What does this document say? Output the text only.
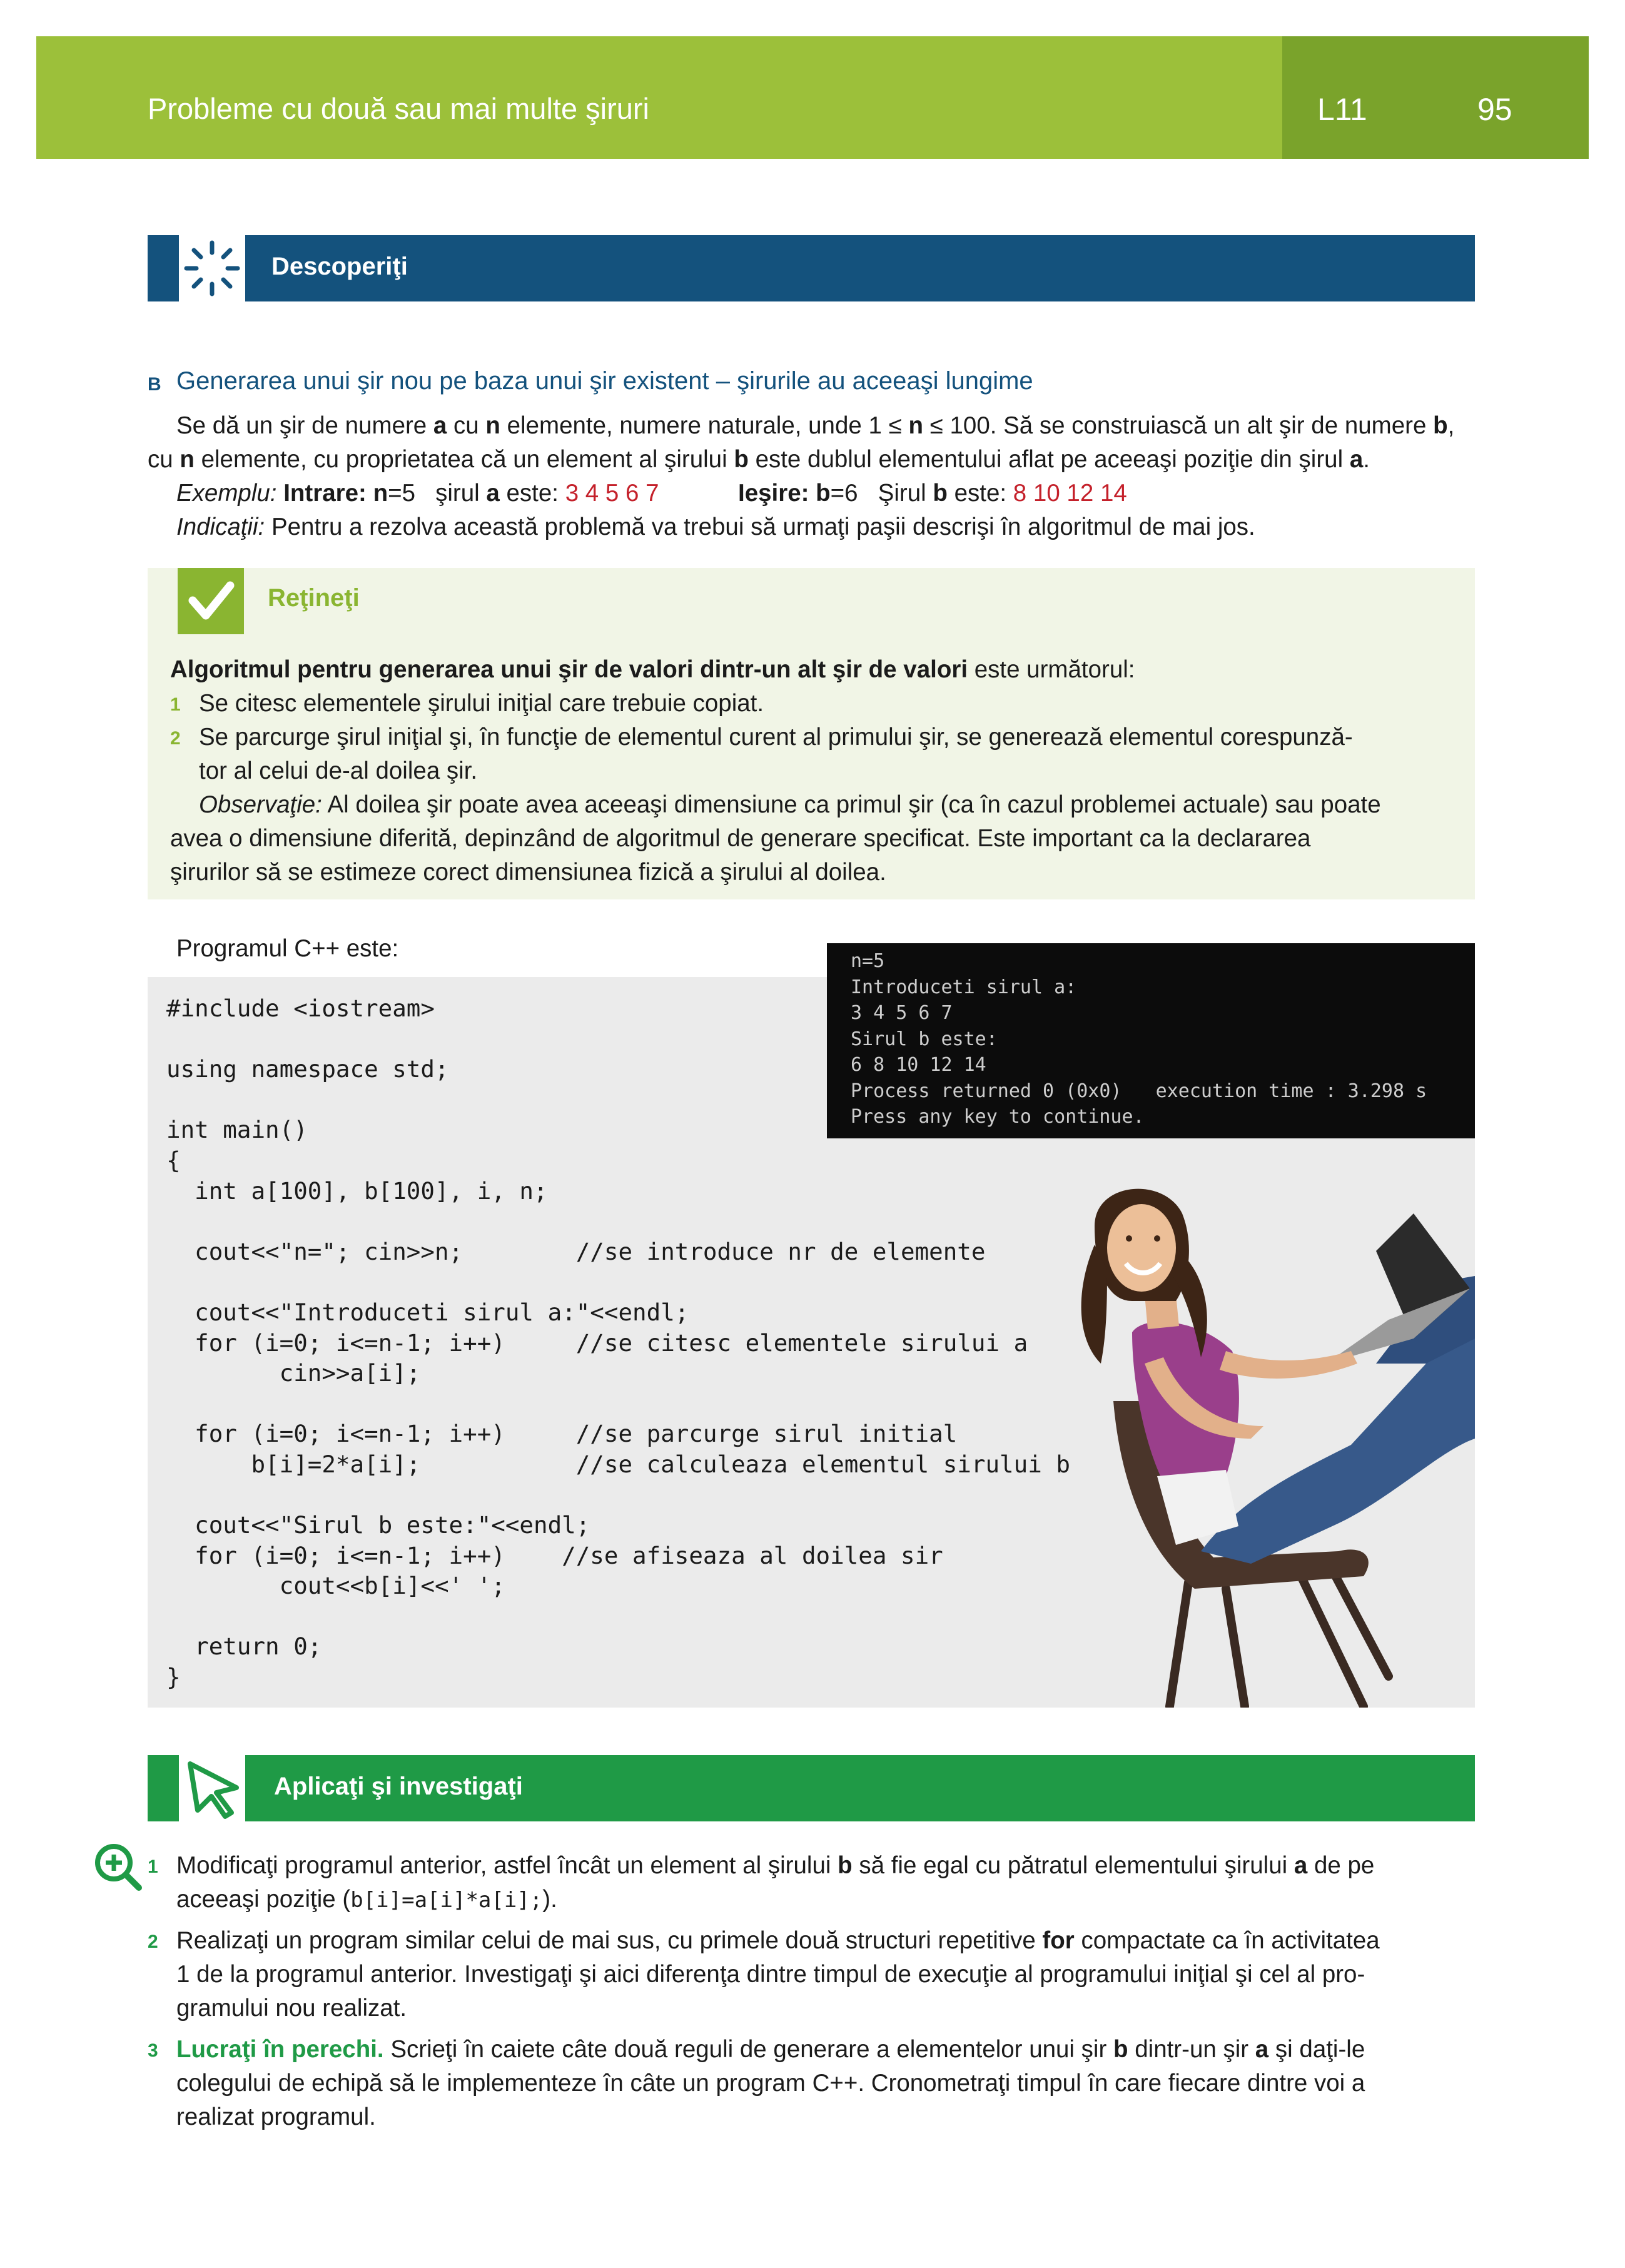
Probleme cu două sau mai multe şiruri	L11	95
Descoperiţi
B Generarea unui şir nou pe baza unui şir existent – şirurile au aceeaşi lungime
Se dă un şir de numere a cu n elemente, numere naturale, unde 1 ≤ n ≤ 100. Să se construiască un alt şir de numere b,
cu n elemente, cu proprietatea că un element al şirului b este dublul elementului aflat pe aceeaşi poziţie din şirul a.
Exemplu: Intrare: n=5 şirul a este: 3 4 5 6 7	Ieşire: b=6 Şirul b este: 8 10 12 14
Indicaţii: Pentru a rezolva această problemă va trebui să urmaţi paşii descrişi în algoritmul de mai jos.
Reţineţi
Algoritmul pentru generarea unui şir de valori dintr-un alt şir de valori este următorul:
1 Se citesc elementele şirului iniţial care trebuie copiat.
2 Se parcurge şirul iniţial şi, în funcţie de elementul curent al primului şir, se generează elementul corespunză-
tor al celui de-al doilea şir.
Observaţie: Al doilea şir poate avea aceeaşi dimensiune ca primul şir (ca în cazul problemei actuale) sau poate
avea o dimensiune diferită, depinzând de algoritmul de generare specificat. Este important ca la declararea
şirurilor să se estimeze corect dimensiunea fizică a şirului al doilea.
Programul C++ este:
#include <iostream>

using namespace std;

int main()
{
int a[100], b[100], i, n;

cout<<"n="; cin>>n;        //se introduce nr de elemente

cout<<"Introduceti sirul a:"<<endl;
for (i=0; i<=n-1; i++)     //se citesc elementele sirului a
cin>>a[i];

for (i=0; i<=n-1; i++)     //se parcurge sirul initial
b[i]=2*a[i];           //se calculeaza elementul sirului b

cout<<"Sirul b este:"<<endl;
for (i=0; i<=n-1; i++)    //se afiseaza al doilea sir
cout<<b[i]<<' ';

return 0;
}
n=5
Introduceti sirul a:
3 4 5 6 7
Sirul b este:
6 8 10 12 14
Process returned 0 (0x0)   execution time : 3.298 s
Press any key to continue.
Aplicaţi şi investigaţi
1 Modificaţi programul anterior, astfel încât un element al şirului b să fie egal cu pătratul elementului şirului a de pe
aceeaşi poziţie (b[i]=a[i]*a[i];).
2 Realizaţi un program similar celui de mai sus, cu primele două structuri repetitive for compactate ca în activitatea
1 de la programul anterior. Investigaţi şi aici diferenţa dintre timpul de execuţie al programului iniţial şi cel al pro-
gramului nou realizat.
3 Lucraţi în perechi. Scrieţi în caiete câte două reguli de generare a elementelor unui şir b dintr-un şir a şi daţi-le
colegului de echipă să le implementeze în câte un program C++. Cronometraţi timpul în care fiecare dintre voi a
realizat programul.
